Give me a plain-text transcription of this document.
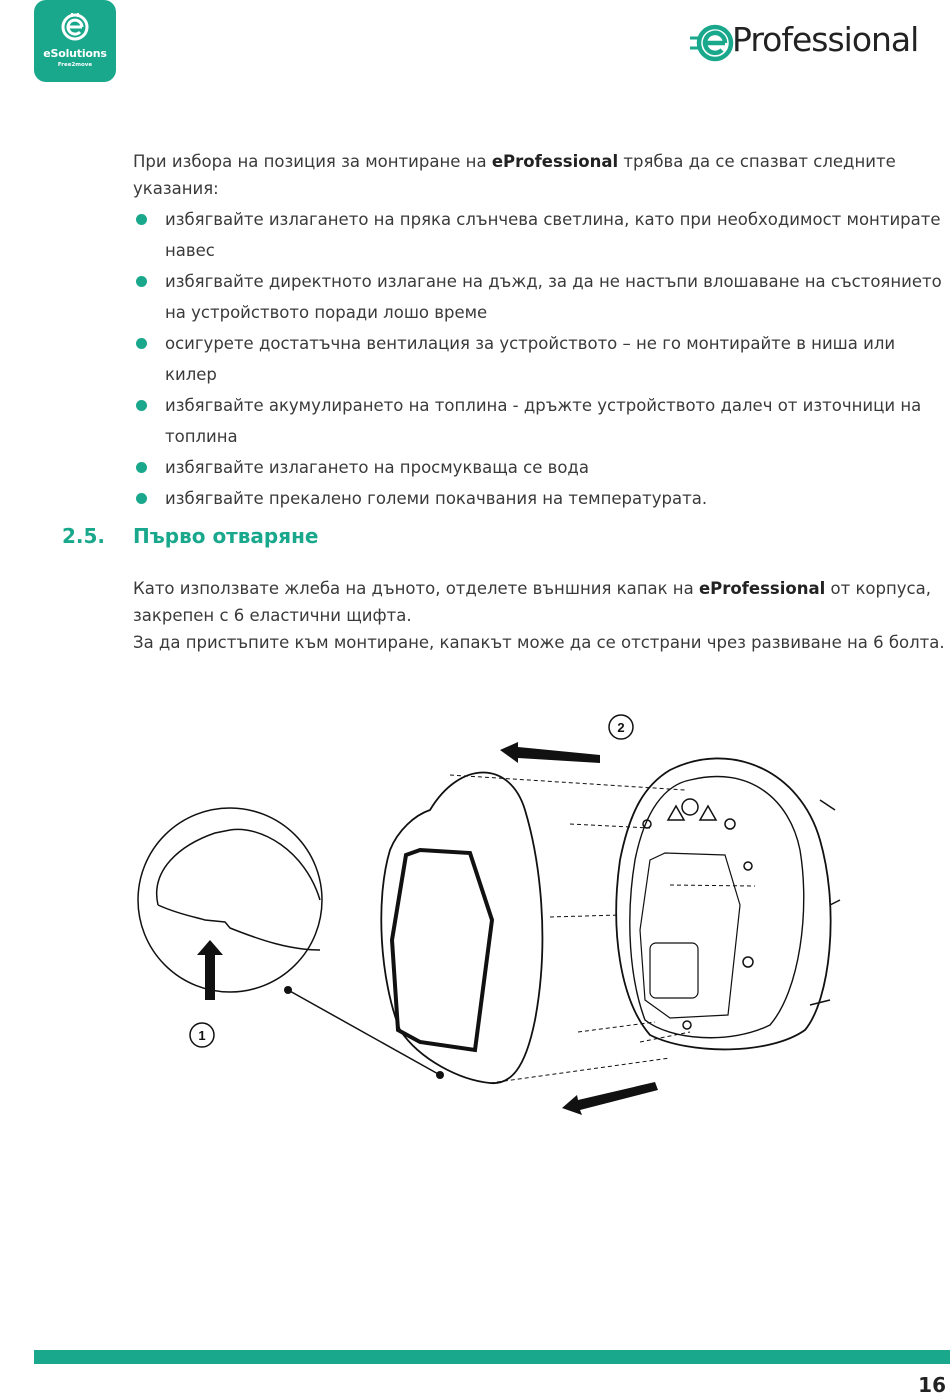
eSolutions
Free2move
Professional
При избора на позиция за монтиране на eProfessional трябва да се спазват следните указания:
избягвайте излагането на пряка слънчева светлина, като при необходимост монтирате навес
избягвайте директното излагане на дъжд, за да не настъпи влошаване на състоянието на устройството поради лошо време
осигурете достатъчна вентилация за устройството – не го монтирайте в ниша или килер
избягвайте акумулирането на топлина - дръжте устройството далеч от източници на топлина
избягвайте излагането на просмукваща се вода
избягвайте прекалено големи покачвания на температурата.
2.5. Първо отваряне
Като използвате жлеба на дъното, отделете външния капак на eProfessional от корпуса, закрепен с 6 еластични щифта.
За да пристъпите към монтиране, капакът може да се отстрани чрез развиване на 6 болта.
1
2
16
